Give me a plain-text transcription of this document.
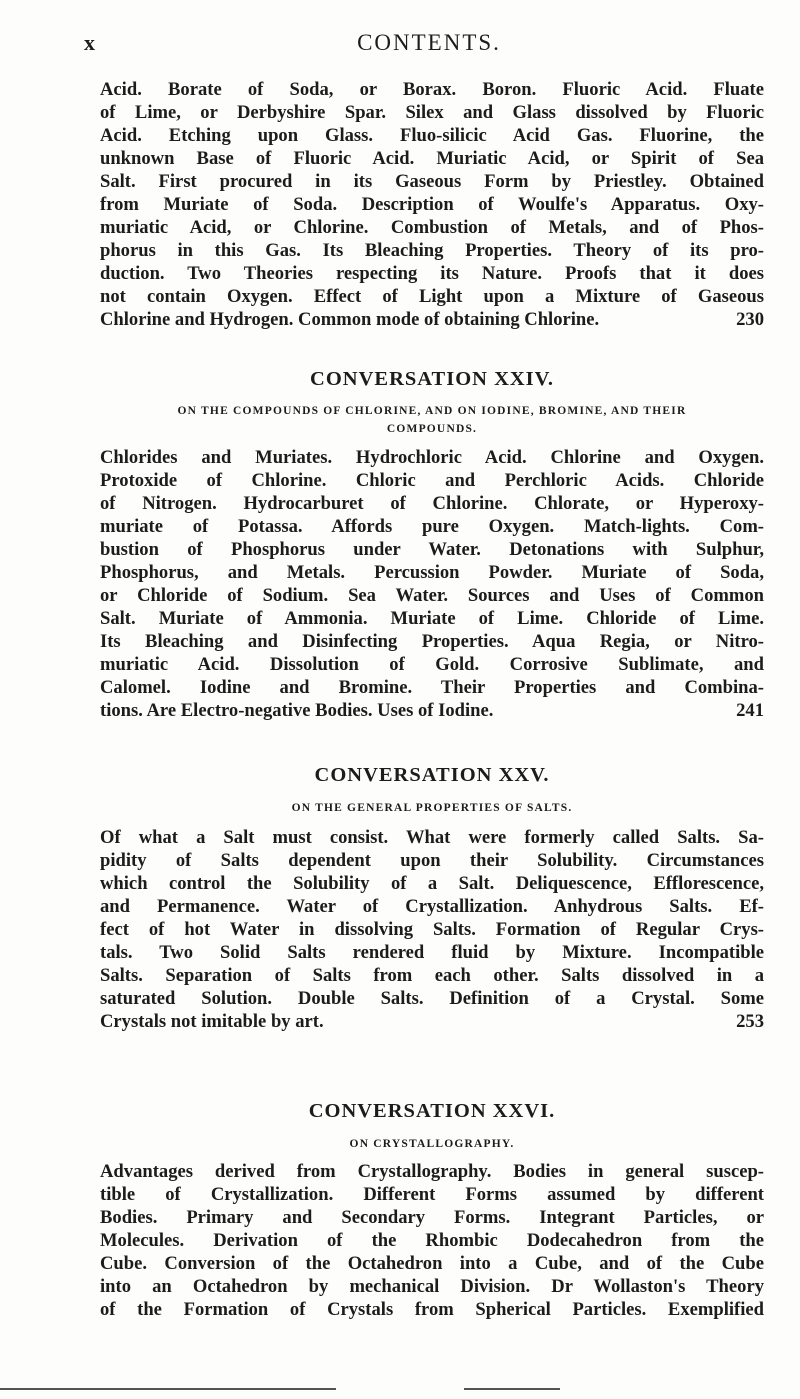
x	CONTENTS.
Acid. Borate of Soda, or Borax. Boron. Fluoric Acid. Fluate
of Lime, or Derbyshire Spar. Silex and Glass dissolved by Fluoric
Acid. Etching upon Glass. Fluo-silicic Acid Gas. Fluorine, the
unknown Base of Fluoric Acid. Muriatic Acid, or Spirit of Sea
Salt. First procured in its Gaseous Form by Priestley. Obtained
from Muriate of Soda. Description of Woulfe's Apparatus. Oxy-
muriatic Acid, or Chlorine. Combustion of Metals, and of Phos-
phorus in this Gas. Its Bleaching Properties. Theory of its pro-
duction. Two Theories respecting its Nature. Proofs that it does
not contain Oxygen. Effect of Light upon a Mixture of Gaseous
Chlorine and Hydrogen. Common mode of obtaining Chlorine.	230
CONVERSATION XXIV.
ON THE COMPOUNDS OF CHLORINE, AND ON IODINE, BROMINE, AND THEIR
COMPOUNDS.
Chlorides and Muriates. Hydrochloric Acid. Chlorine and Oxygen.
Protoxide of Chlorine. Chloric and Perchloric Acids. Chloride
of Nitrogen. Hydrocarburet of Chlorine. Chlorate, or Hyperoxy-
muriate of Potassa. Affords pure Oxygen. Match-lights. Com-
bustion of Phosphorus under Water. Detonations with Sulphur,
Phosphorus, and Metals. Percussion Powder. Muriate of Soda,
or Chloride of Sodium. Sea Water. Sources and Uses of Common
Salt. Muriate of Ammonia. Muriate of Lime. Chloride of Lime.
Its Bleaching and Disinfecting Properties. Aqua Regia, or Nitro-
muriatic Acid. Dissolution of Gold. Corrosive Sublimate, and
Calomel. Iodine and Bromine. Their Properties and Combina-
tions. Are Electro-negative Bodies. Uses of Iodine.	241
CONVERSATION XXV.
ON THE GENERAL PROPERTIES OF SALTS.
Of what a Salt must consist. What were formerly called Salts. Sa-
pidity of Salts dependent upon their Solubility. Circumstances
which control the Solubility of a Salt. Deliquescence, Efflorescence,
and Permanence. Water of Crystallization. Anhydrous Salts. Ef-
fect of hot Water in dissolving Salts. Formation of Regular Crys-
tals. Two Solid Salts rendered fluid by Mixture. Incompatible
Salts. Separation of Salts from each other. Salts dissolved in a
saturated Solution. Double Salts. Definition of a Crystal. Some
Crystals not imitable by art.	253
CONVERSATION XXVI.
ON CRYSTALLOGRAPHY.
Advantages derived from Crystallography. Bodies in general suscep-
tible of Crystallization. Different Forms assumed by different
Bodies. Primary and Secondary Forms. Integrant Particles, or
Molecules. Derivation of the Rhombic Dodecahedron from the
Cube. Conversion of the Octahedron into a Cube, and of the Cube
into an Octahedron by mechanical Division. Dr Wollaston's Theory
of the Formation of Crystals from Spherical Particles. Exemplified
